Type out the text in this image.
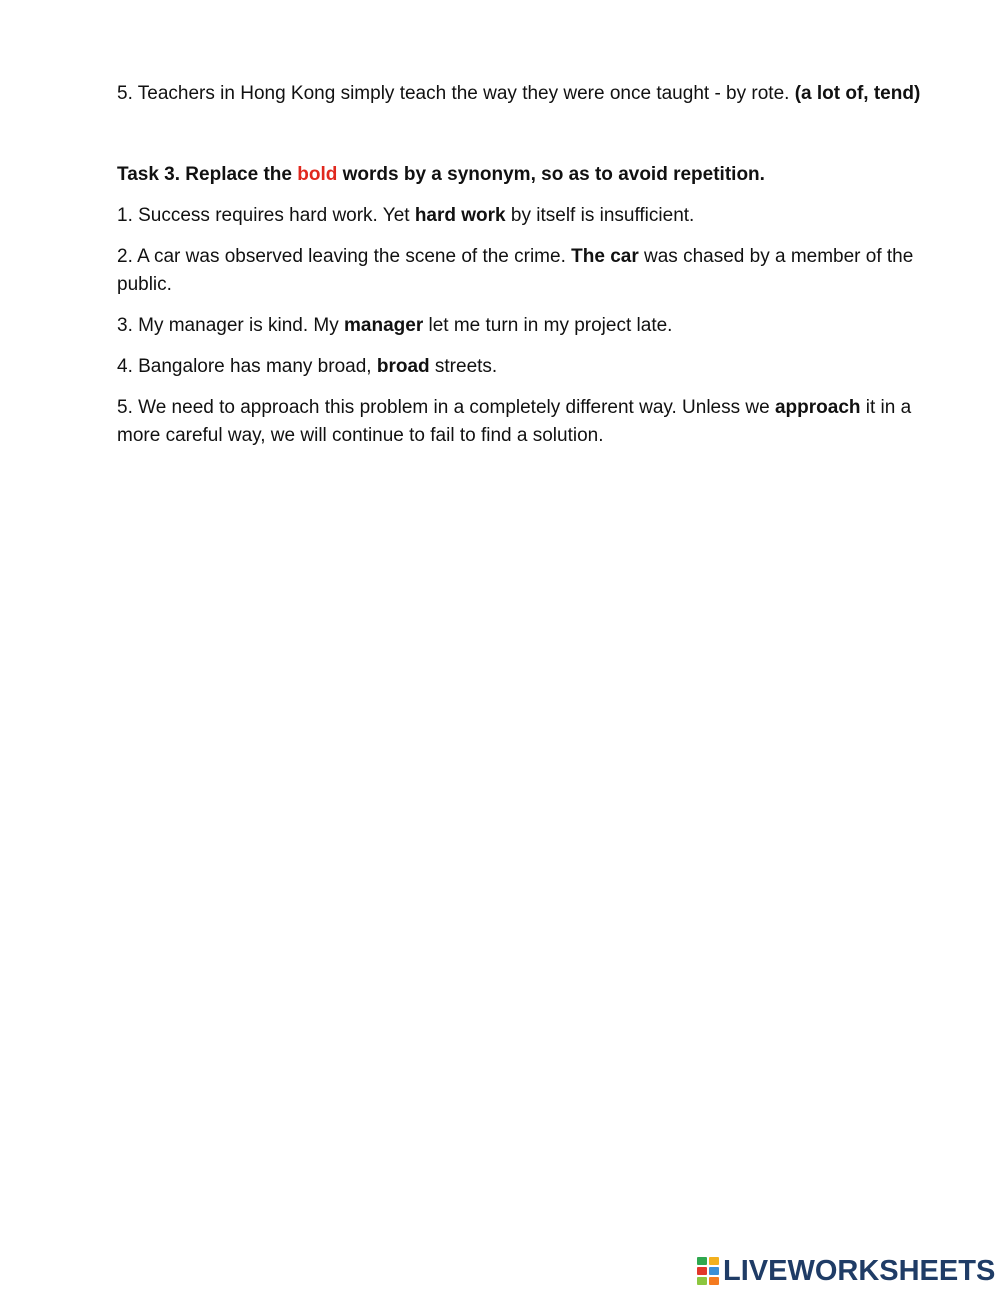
5. Teachers in Hong Kong simply teach the way they were once taught - by rote. (a lot of, tend)

Task 3. Replace the bold words by a synonym, so as to avoid repetition.

1. Success requires hard work. Yet hard work by itself is insufficient.

2. A car was observed leaving the scene of the crime. The car was chased by a member of the

public.

3. My manager is kind. My manager let me turn in my project late.

4. Bangalore has many broad, broad streets.

5. We need to approach this problem in a completely different way. Unless we approach it in a

more careful way, we will continue to fail to find a solution.

LIVEWORKSHEETS
